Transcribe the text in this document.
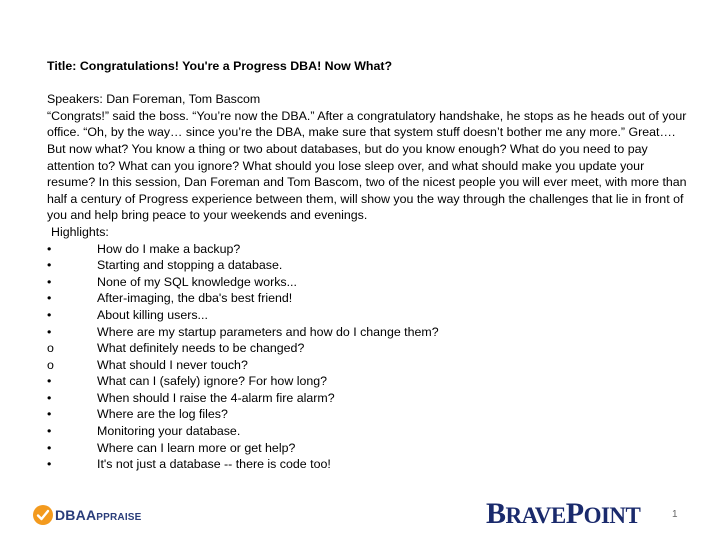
Title: Congratulations! You're a Progress DBA! Now What?
Speakers: Dan Foreman, Tom Bascom
“Congrats!” said the boss. “You’re now the DBA.” After a congratulatory handshake, he stops as he heads out of your office. “Oh, by the way… since you’re the DBA, make sure that system stuff doesn’t bother me any more.” Great…. But now what? You know a thing or two about databases, but do you know enough? What do you need to pay attention to? What can you ignore? What should you lose sleep over, and what should make you update your resume? In this session, Dan Foreman and Tom Bascom, two of the nicest people you will ever meet, with more than half a century of Progress experience between them, will show you the way through the challenges that lie in front of you and help bring peace to your weekends and evenings.
Highlights:
•	How do I make a backup?
•	Starting and stopping a database.
•	None of my SQL knowledge works...
•	After-imaging, the dba's best friend!
•	About killing users...
•	Where are my startup parameters and how do I change them?
o	What definitely needs to be changed?
o	What should I never touch?
•	What can I (safely) ignore? For how long?
•	When should I raise the 4-alarm fire alarm?
•	Where are the log files?
•	Monitoring your database.
•	Where can I learn more or get help?
•	It's not just a database -- there is code too!
DBAAPPRAISE	BRAVEPOINT	1
